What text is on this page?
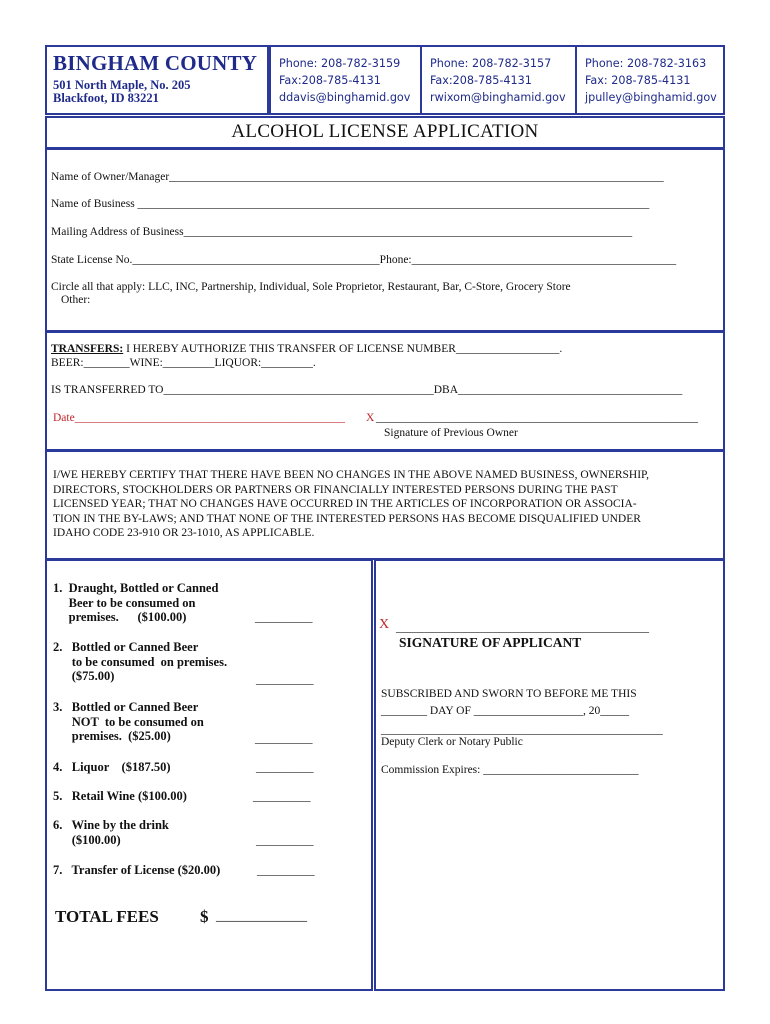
BINGHAM COUNTY
501 North Maple, No. 205
Blackfoot, ID 83221
Phone: 208-782-3159
Fax:208-785-4131
ddavis@binghamid.gov
Phone: 208-782-3157
Fax:208-785-4131
rwixom@binghamid.gov
Phone: 208-782-3163
Fax: 208-785-4131
jpulley@binghamid.gov
ALCOHOL LICENSE APPLICATION
Name of Owner/Manager______________________________________________________________________________________
Name of Business _________________________________________________________________________________________
Mailing Address of Business______________________________________________________________________________
State License No.___________________________________________Phone:______________________________________________
Circle all that apply: LLC, INC, Partnership, Individual, Sole Proprietor, Restaurant, Bar, C-Store, Grocery Store
Other:
TRANSFERS: I HEREBY AUTHORIZE THIS TRANSFER OF LICENSE NUMBER__________________.
BEER:________WINE:_________LIQUOR:_________.
IS TRANSFERRED TO_______________________________________________DBA_______________________________________
Date_______________________________________________ X ________________________________________________________
Signature of Previous Owner
I/WE HEREBY CERTIFY THAT THERE HAVE BEEN NO CHANGES IN THE ABOVE NAMED BUSINESS, OWNERSHIP,
DIRECTORS, STOCKHOLDERS OR PARTNERS OR FINANCIALLY INTERESTED PERSONS DURING THE PAST
LICENSED YEAR; THAT NO CHANGES HAVE OCCURRED IN THE ARTICLES OF INCORPORATION OR ASSOCIA-
TION IN THE BY-LAWS; AND THAT NONE OF THE INTERESTED PERSONS HAS BECOME DISQUALIFIED UNDER
IDAHO CODE 23-910 OR 23-1010, AS APPLICABLE.
1.  Draught, Bottled or Canned
Beer to be consumed on
premises.      ($100.00)	__________
2.   Bottled or Canned Beer
to be consumed  on premises.
($75.00)	__________
3.   Bottled or Canned Beer
NOT  to be consumed on
premises.  ($25.00)	__________
4.   Liquor    ($187.50)	__________
5.   Retail Wine ($100.00)	__________
6.   Wine by the drink
($100.00)	__________
7.   Transfer of License ($20.00)	__________
TOTAL FEES $ _____________
X ____________________________________________
SIGNATURE OF APPLICANT
SUBSCRIBED AND SWORN TO BEFORE ME THIS
________ DAY OF ___________________, 20_____
_________________________________________________
Deputy Clerk or Notary Public
Commission Expires: ___________________________
